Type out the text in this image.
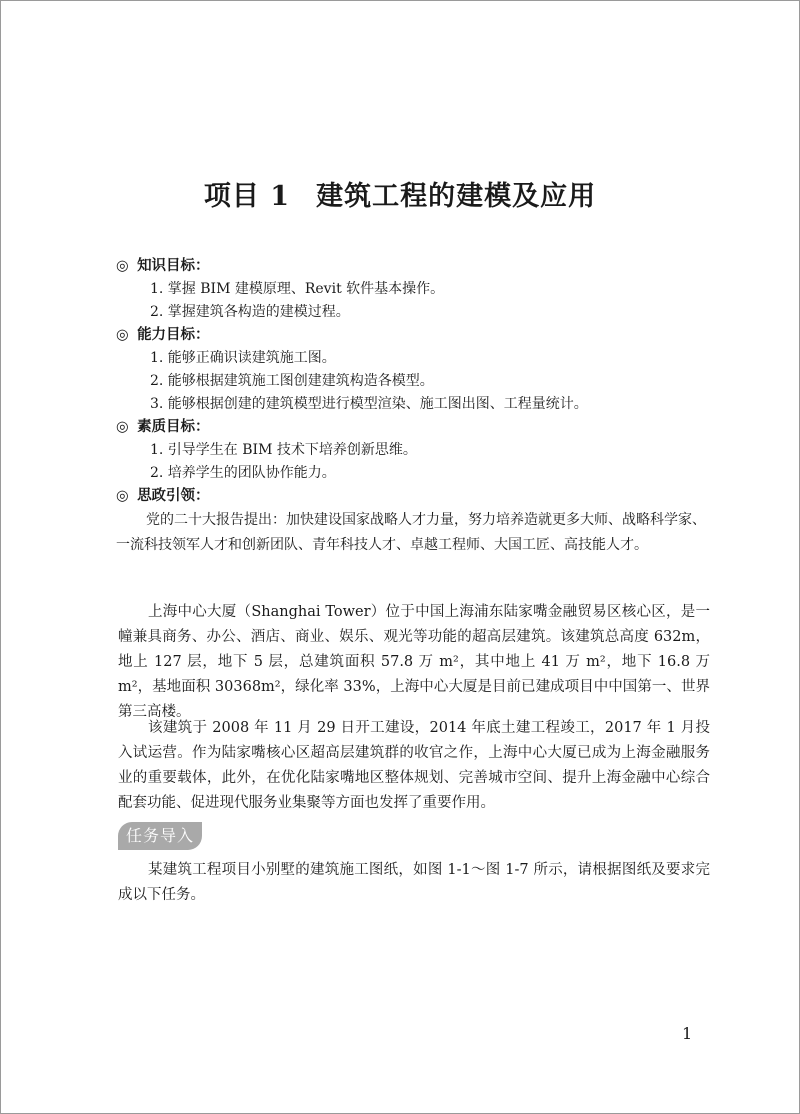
项目 1 建筑工程的建模及应用
◎ 知识目标：
1. 掌握 BIM 建模原理、Revit 软件基本操作。
2. 掌握建筑各构造的建模过程。
◎ 能力目标：
1. 能够正确识读建筑施工图。
2. 能够根据建筑施工图创建建筑构造各模型。
3. 能够根据创建的建筑模型进行模型渲染、施工图出图、工程量统计。
◎ 素质目标：
1. 引导学生在 BIM 技术下培养创新思维。
2. 培养学生的团队协作能力。
◎ 思政引领：
党的二十大报告提出：加快建设国家战略人才力量，努力培养造就更多大师、战略科学家、一流科技领军人才和创新团队、青年科技人才、卓越工程师、大国工匠、高技能人才。

上海中心大厦（Shanghai Tower）位于中国上海浦东陆家嘴金融贸易区核心区，是一幢兼具商务、办公、酒店、商业、娱乐、观光等功能的超高层建筑。该建筑总高度 632m，地上 127 层，地下 5 层，总建筑面积 57.8 万 m²，其中地上 41 万 m²，地下 16.8 万 m²，基地面积 30368m²，绿化率 33%，上海中心大厦是目前已建成项目中中国第一、世界第三高楼。

该建筑于 2008 年 11 月 29 日开工建设，2014 年底土建工程竣工，2017 年 1 月投入试运营。作为陆家嘴核心区超高层建筑群的收官之作，上海中心大厦已成为上海金融服务业的重要载体，此外，在优化陆家嘴地区整体规划、完善城市空间、提升上海金融中心综合配套功能、促进现代服务业集聚等方面也发挥了重要作用。

任务导入

某建筑工程项目小别墅的建筑施工图纸，如图 1-1～图 1-7 所示，请根据图纸及要求完成以下任务。

1
